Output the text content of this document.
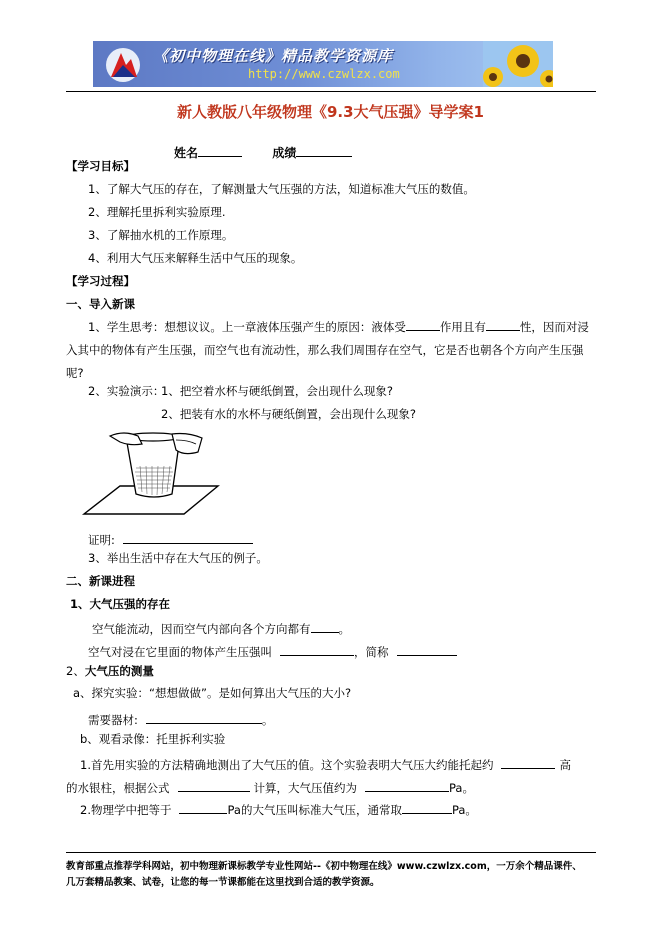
《初中物理在线》精品教学资源库
http://www.czwlzx.com
新人教版八年级物理《9.3大气压强》导学案1
姓名	成绩
【学习目标】
1、了解大气压的存在，了解测量大气压强的方法，知道标准大气压的数值。
2、理解托里拆利实验原理.
3、了解抽水机的工作原理。
4、利用大气压来解释生活中气压的现象。
【学习过程】
一、导入新课
1、学生思考：想想议议。上一章液体压强产生的原因：液体受	作用且有	性，因而对浸入其中的物体有产生压强，而空气也有流动性，那么我们周围存在空气，它是否也朝各个方向产生压强呢?
2、实验演示：
1、把空着水杯与硬纸倒置，会出现什么现象?
2、把装有水的水杯与硬纸倒置，会出现什么现象?
证明:
3、举出生活中存在大气压的例子。
二、新课进程
1、大气压强的存在
空气能流动，因而空气内部向各个方向都有 。
空气对浸在它里面的物体产生压强叫	，简称
2、大气压的测量
a、探究实验：“想想做做”。是如何算出大气压的大小?
需要器材:	。
b、观看录像：托里拆利实验
1.首先用实验的方法精确地测出了大气压的值。这个实验表明大气压大约能托起约	高
的水银柱，根据公式	计算，大气压值约为	Pa。
2.物理学中把等于	Pa的大气压叫标准大气压，通常取	Pa。
教育部重点推荐学科网站，初中物理新课标教学专业性网站--《初中物理在线》www.czwlzx.com，一万余个精品课件、
几万套精品教案、试卷，让您的每一节课都能在这里找到合适的教学资源。
